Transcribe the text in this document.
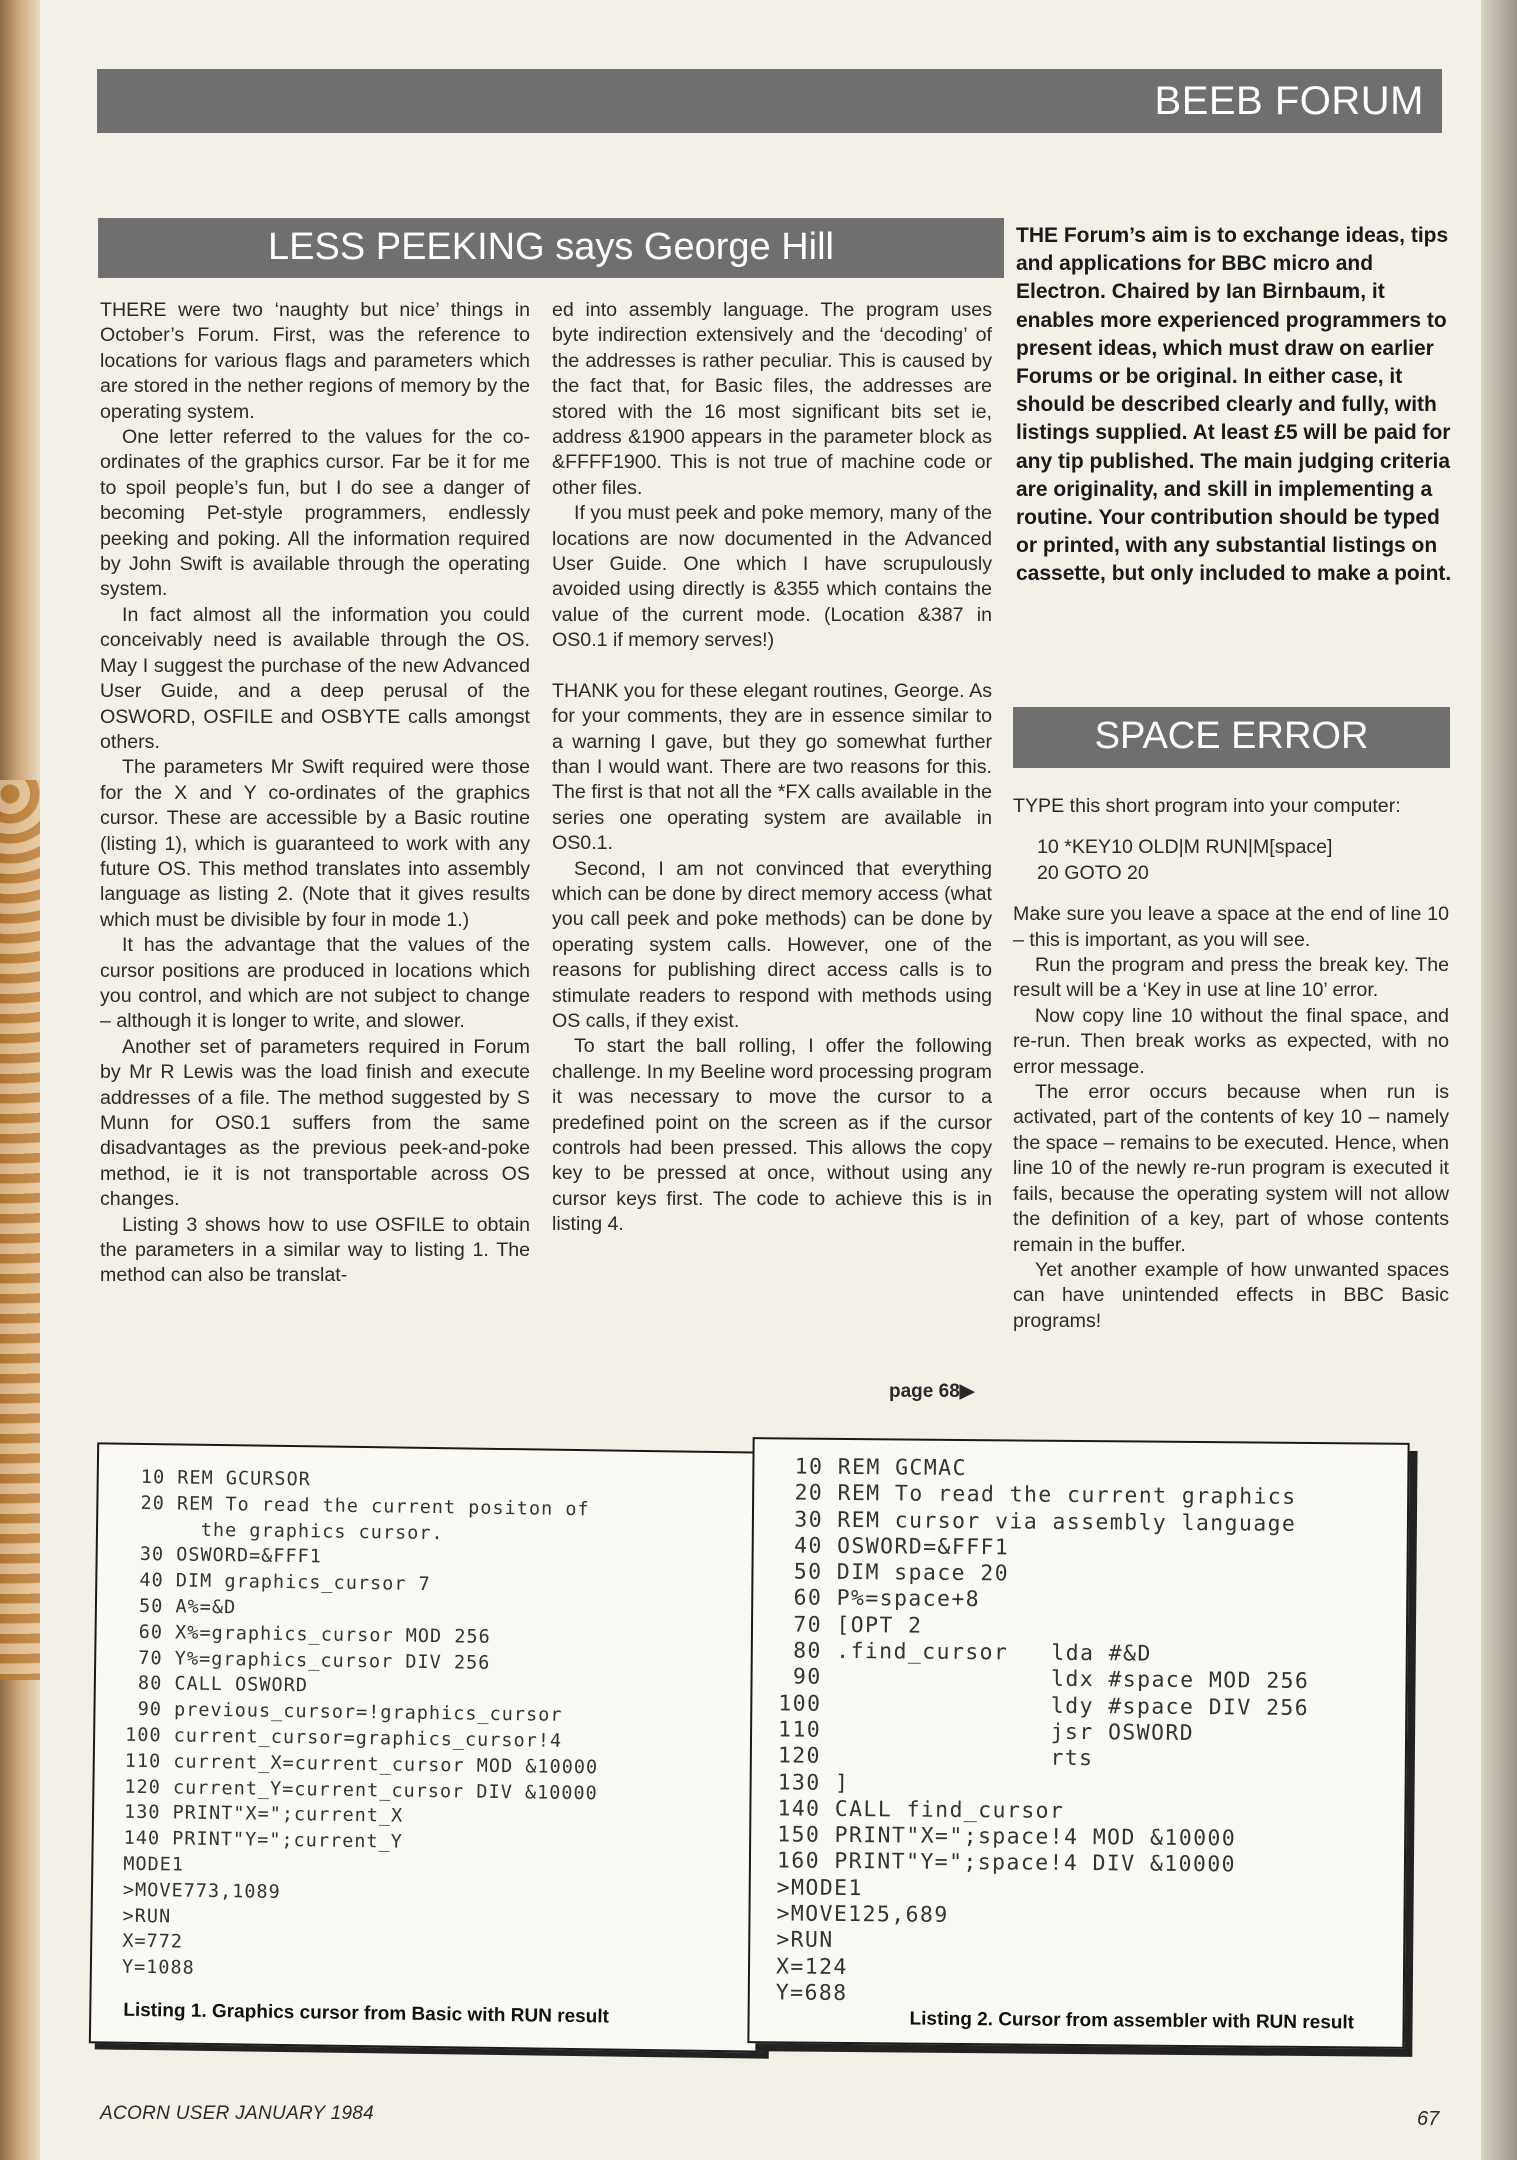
BEEB FORUM
LESS PEEKING says George Hill

THERE were two ‘naughty but nice’ things in October’s Forum. First, was the reference to locations for various flags and parameters which are stored in the nether regions of memory by the operating system.

One letter referred to the values for the co-ordinates of the graphics cursor. Far be it for me to spoil people’s fun, but I do see a danger of becoming Pet-style programmers, endlessly peeking and poking. All the information required by John Swift is available through the operating system.

In fact almost all the information you could conceivably need is available through the OS. May I suggest the purchase of the new Advanced User Guide, and a deep perusal of the OSWORD, OSFILE and OSBYTE calls amongst others.

The parameters Mr Swift required were those for the X and Y co-ordinates of the graphics cursor. These are accessible by a Basic routine (listing 1), which is guaranteed to work with any future OS. This method translates into assembly language as listing 2. (Note that it gives results which must be divisible by four in mode 1.)

It has the advantage that the values of the cursor positions are produced in locations which you control, and which are not subject to change – although it is longer to write, and slower.

Another set of parameters required in Forum by Mr R Lewis was the load finish and execute addresses of a file. The method suggested by S Munn for OS0.1 suffers from the same disadvantages as the previous peek-and-poke method, ie it is not transportable across OS changes.

Listing 3 shows how to use OSFILE to obtain the parameters in a similar way to listing 1. The method can also be translat-

ed into assembly language. The program uses byte indirection extensively and the ‘decoding’ of the addresses is rather peculiar. This is caused by the fact that, for Basic files, the addresses are stored with the 16 most significant bits set ie, address &1900 appears in the parameter block as &FFFF1900. This is not true of machine code or other files.

If you must peek and poke memory, many of the locations are now documented in the Advanced User Guide. One which I have scrupulously avoided using directly is &355 which contains the value of the current mode. (Location &387 in OS0.1 if memory serves!)

THANK you for these elegant routines, George. As for your comments, they are in essence similar to a warning I gave, but they go somewhat further than I would want. There are two reasons for this. The first is that not all the *FX calls available in the series one operating system are available in OS0.1.

Second, I am not convinced that everything which can be done by direct memory access (what you call peek and poke methods) can be done by operating system calls. However, one of the reasons for publishing direct access calls is to stimulate readers to respond with methods using OS calls, if they exist.

To start the ball rolling, I offer the following challenge. In my Beeline word processing program it was necessary to move the cursor to a predefined point on the screen as if the cursor controls had been pressed. This allows the copy key to be pressed at once, without using any cursor keys first. The code to achieve this is in listing 4.

page 68▶
THE Forum’s aim is to exchange ideas, tips and applications for BBC micro and Electron. Chaired by Ian Birnbaum, it enables more experienced programmers to present ideas, which must draw on earlier Forums or be original. In either case, it should be described clearly and fully, with listings supplied. At least £5 will be paid for any tip published. The main judging criteria are originality, and skill in implementing a routine. Your contribution should be typed or printed, with any substantial listings on cassette, but only included to make a point.
SPACE ERROR

TYPE this short program into your computer:

10 *KEY10 OLD|M RUN|M[space]
20 GOTO 20

Make sure you leave a space at the end of line 10 – this is important, as you will see.

Run the program and press the break key. The result will be a ‘Key in use at line 10’ error.

Now copy line 10 without the final space, and re-run. Then break works as expected, with no error message.

The error occurs because when run is activated, part of the contents of key 10 – namely the space – remains to be executed. Hence, when line 10 of the newly re-run program is executed it fails, because the operating system will not allow the definition of a key, part of whose contents remain in the buffer.

Yet another example of how unwanted spaces can have unintended effects in BBC Basic programs!

10 REM GCURSOR
20 REM To read the current positon of
the graphics cursor.
30 OSWORD=&FFF1
40 DIM graphics_cursor 7
50 A%=&D
60 X%=graphics_cursor MOD 256
70 Y%=graphics_cursor DIV 256
80 CALL OSWORD
90 previous_cursor=!graphics_cursor
100 current_cursor=graphics_cursor!4
110 current_X=current_cursor MOD &10000
120 current_Y=current_cursor DIV &10000
130 PRINT"X=";current_X
140 PRINT"Y=";current_Y
MODE1
>MOVE773,1089
>RUN
X=772
Y=1088
Listing 1. Graphics cursor from Basic with RUN result
10 REM GCMAC
20 REM To read the current graphics
30 REM cursor via assembly language
40 OSWORD=&FFF1
50 DIM space 20
60 P%=space+8
70 [OPT 2
80 .find_cursor   lda #&D
90                ldx #space MOD 256
100                ldy #space DIV 256
110                jsr OSWORD
120                rts
130 ]
140 CALL find_cursor
150 PRINT"X=";space!4 MOD &10000
160 PRINT"Y=";space!4 DIV &10000
>MODE1
>MOVE125,689
>RUN
X=124
Y=688
Listing 2. Cursor from assembler with RUN result
ACORN USER JANUARY 1984	67
